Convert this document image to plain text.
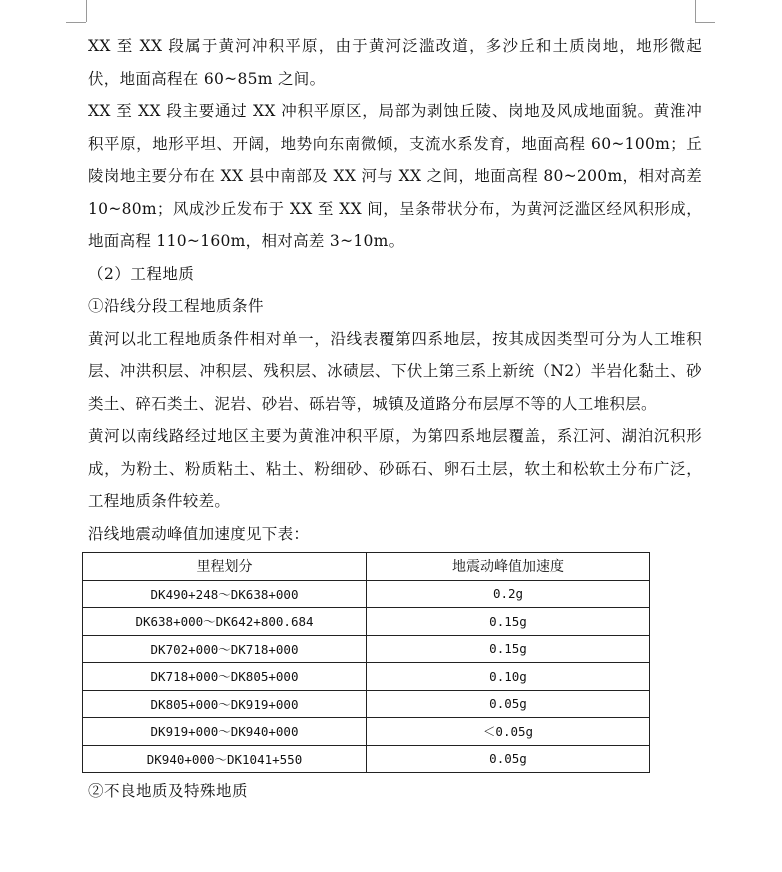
XX 至 XX 段属于黄河冲积平原，由于黄河泛滥改道，多沙丘和土质岗地，地形微起伏，地面高程在 60~85m 之间。

XX 至 XX 段主要通过 XX 冲积平原区，局部为剥蚀丘陵、岗地及风成地面貌。黄淮冲积平原，地形平坦、开阔，地势向东南微倾，支流水系发育，地面高程 60~100m；丘陵岗地主要分布在 XX 县中南部及 XX 河与 XX 之间，地面高程 80~200m，相对高差 10~80m；风成沙丘发布于 XX 至 XX 间，呈条带状分布，为黄河泛滥区经风积形成，地面高程 110~160m，相对高差 3~10m。

（2）工程地质

①沿线分段工程地质条件

黄河以北工程地质条件相对单一，沿线表覆第四系地层，按其成因类型可分为人工堆积层、冲洪积层、冲积层、残积层、冰碛层、下伏上第三系上新统（N2）半岩化黏土、砂类土、碎石类土、泥岩、砂岩、砾岩等，城镇及道路分布层厚不等的人工堆积层。

黄河以南线路经过地区主要为黄淮冲积平原，为第四系地层覆盖，系江河、湖泊沉积形成，为粉土、粉质粘土、粘土、粉细砂、砂砾石、卵石土层，软土和松软土分布广泛，工程地质条件较差。

沿线地震动峰值加速度见下表：

里程划分	地震动峰值加速度
DK490+248～DK638+000	0.2g
DK638+000～DK642+800.684	0.15g
DK702+000～DK718+000	0.15g
DK718+000～DK805+000	0.10g
DK805+000～DK919+000	0.05g
DK919+000～DK940+000	＜0.05g
DK940+000～DK1041+550	0.05g

②不良地质及特殊地质
